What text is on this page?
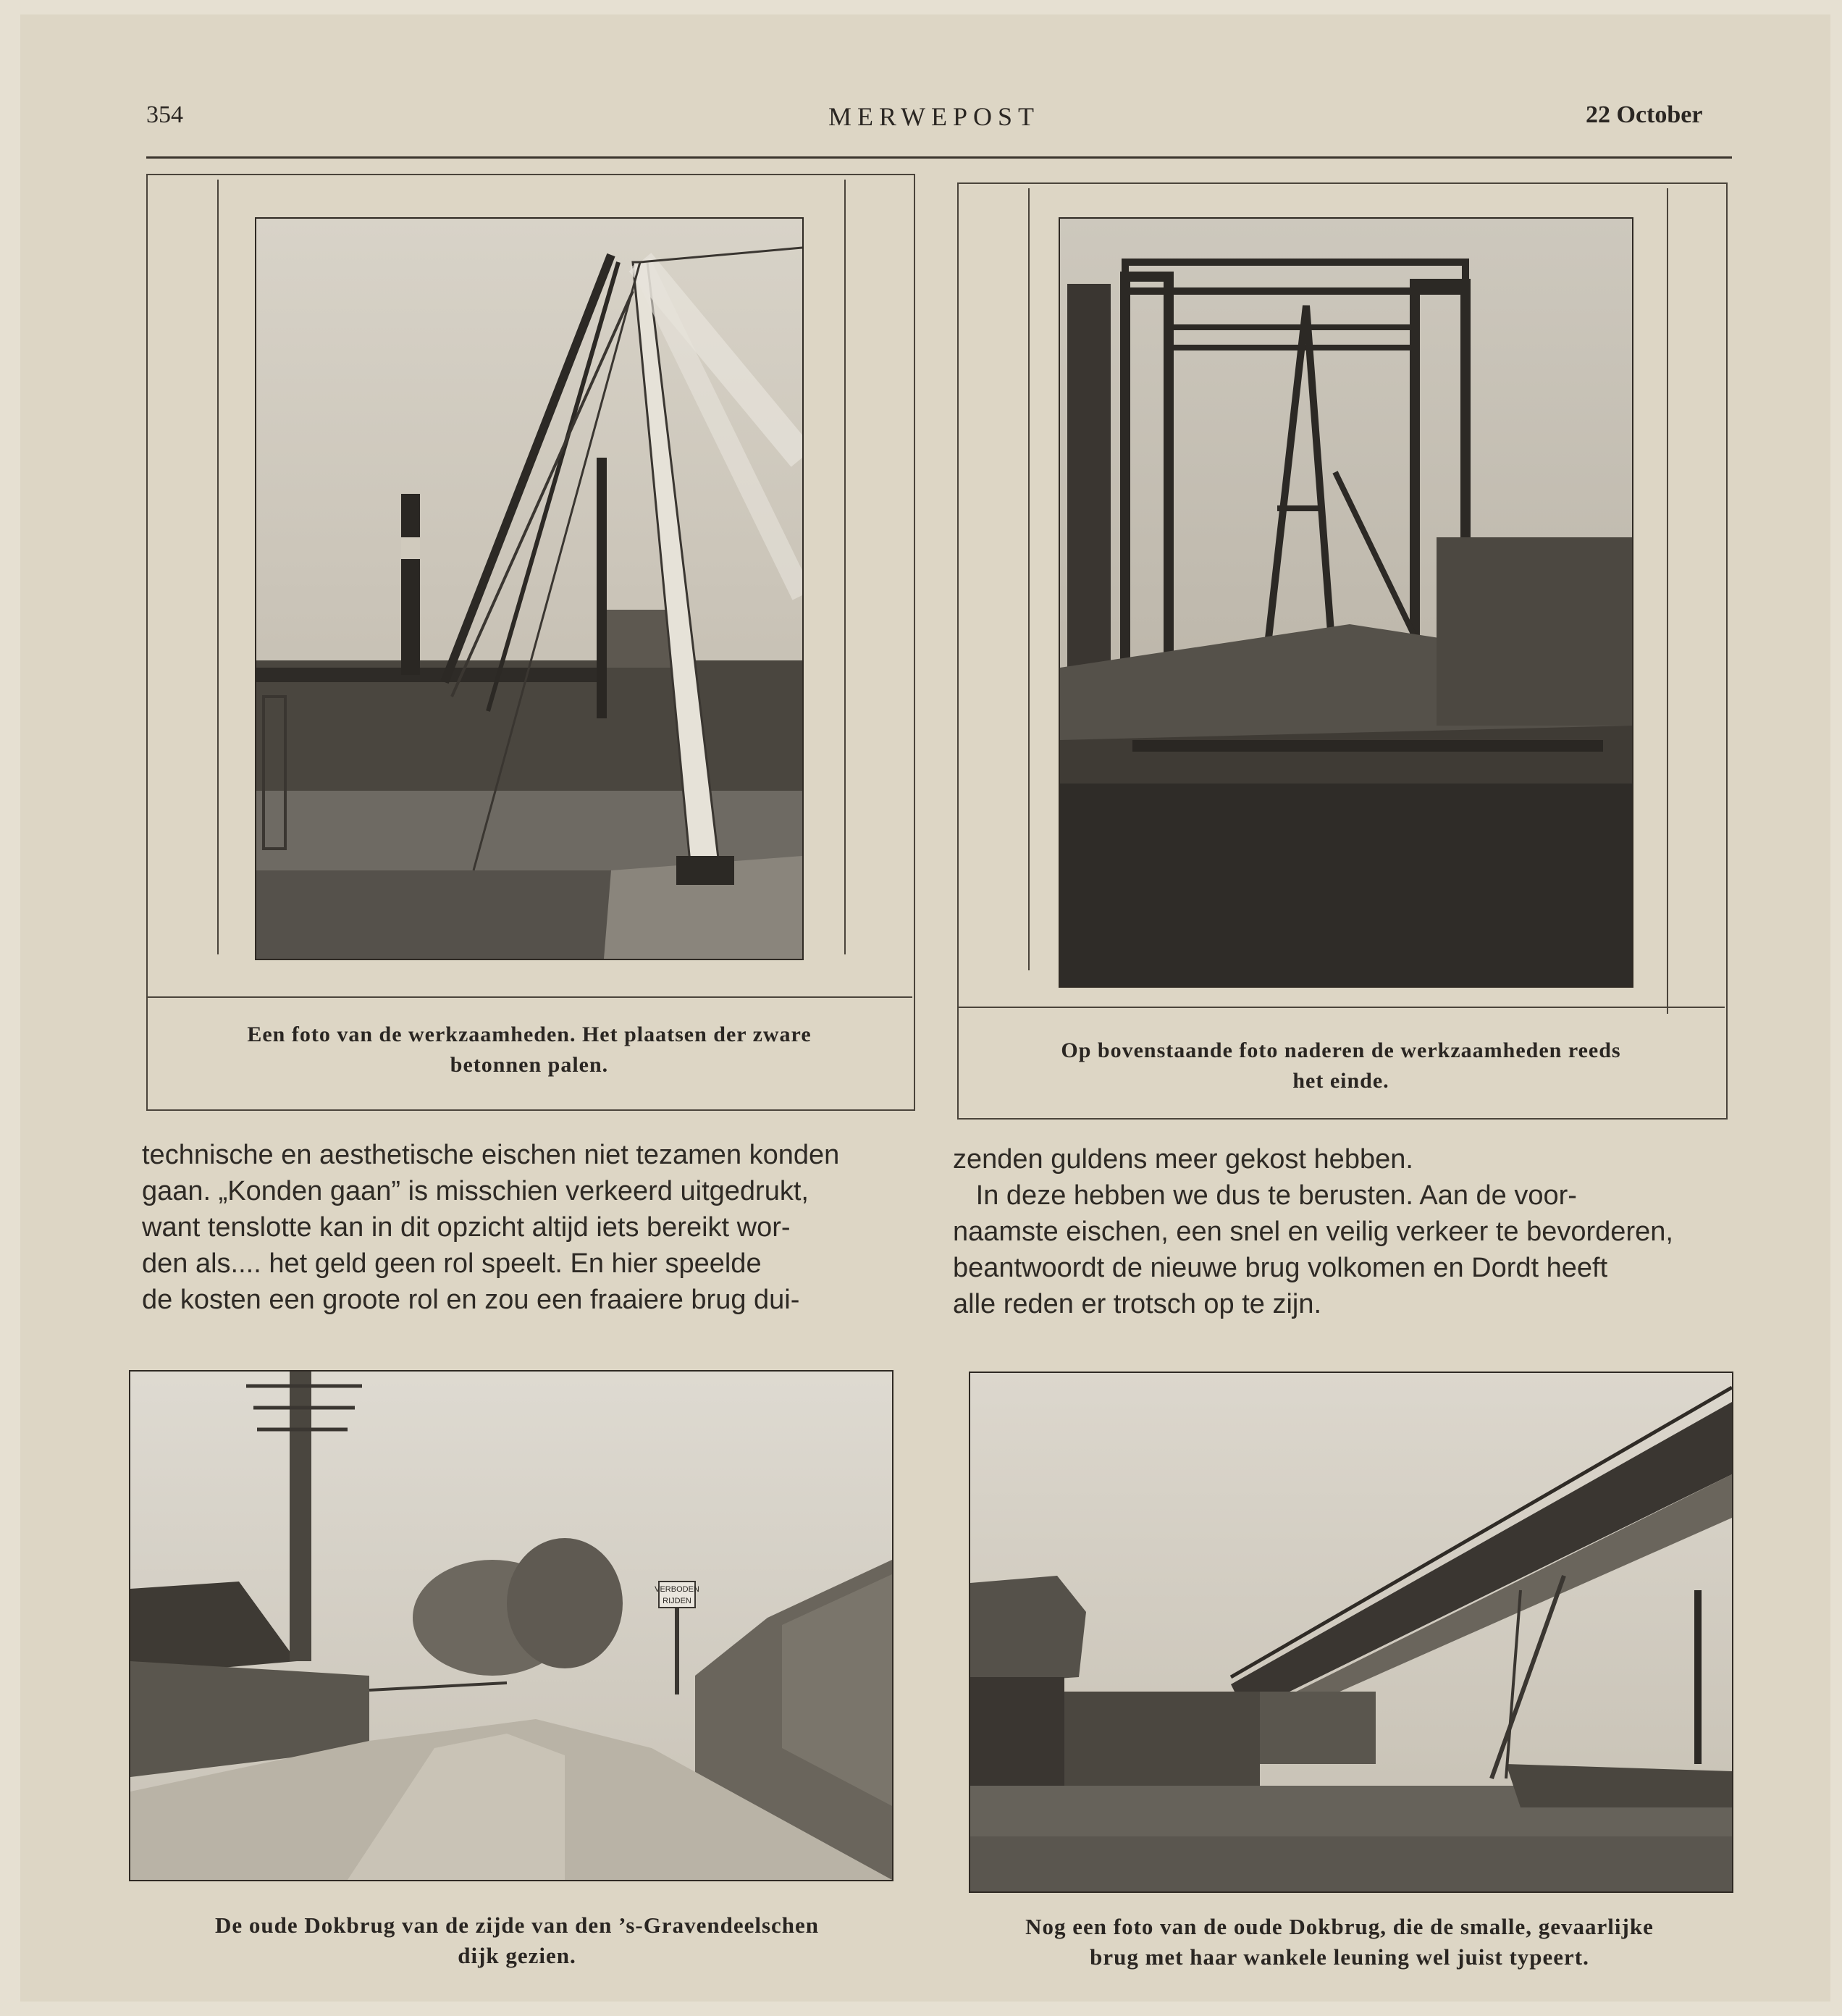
354	MERWEPOST	22 October
Een foto van de werkzaamheden. Het plaatsen der zware
betonnen palen.
Op bovenstaande foto naderen de werkzaamheden reeds
het einde.

technische en aesthetische eischen niet tezamen konden

gaan. „Konden gaan” is misschien verkeerd uitgedrukt,

want tenslotte kan in dit opzicht altijd iets bereikt wor-

den als.... het geld geen rol speelt. En hier speelde

de kosten een groote rol en zou een fraaiere brug dui-

zenden guldens meer gekost hebben.

In deze hebben we dus te berusten. Aan de voor-

naamste eischen, een snel en veilig verkeer te bevorderen,

beantwoordt de nieuwe brug volkomen en Dordt heeft

alle reden er trotsch op te zijn.

VERBODEN
RIJDEN
De oude Dokbrug van de zijde van den ’s-Gravendeelschen
dijk gezien.
Nog een foto van de oude Dokbrug, die de smalle, gevaarlijke
brug met haar wankele leuning wel juist typeert.
